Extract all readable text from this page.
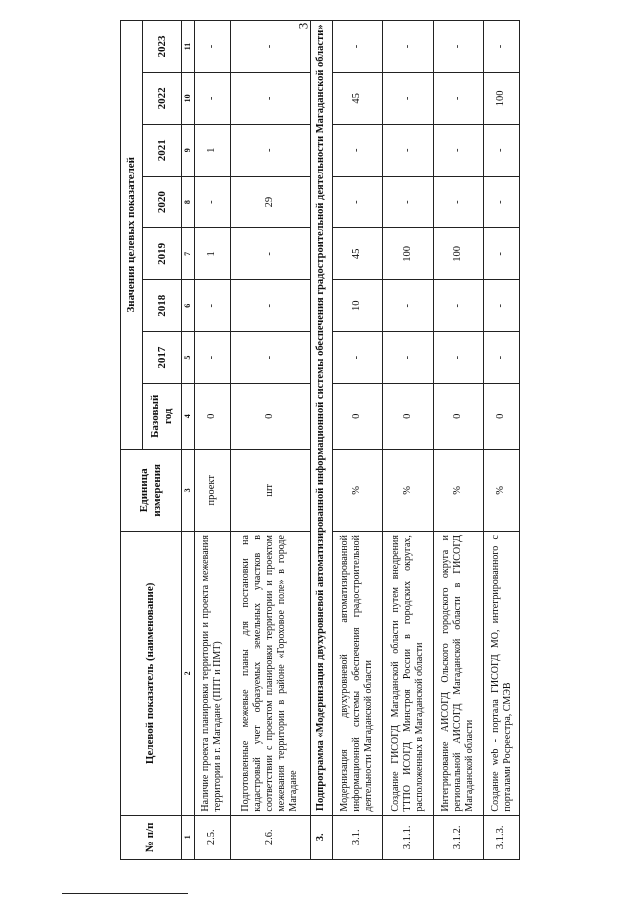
3
№ п/п	Целевой показатель (наименование)	Единица измерения	Значения целевых показателей							
			Базовый год	2017	2018	2019	2020	2021	2022	2023
1	2	3	4	5	6	7	8	9	10	11
2.5.	Наличие проекта планировки территории и проекта межевания территории в г. Магадане (ППТ и ПМТ)	проект	0	-	-	1	-	1	-	-
2.6.	Подготовленные межевые планы для постановки на кадастровый учет образуемых земельных участков в соответствии с проектом планировки территории и проектом межевания территории в районе «Гороховое поле» в городе Магадане	шт	0	-	-	-	29	-	-	-
3.	Подпрограмма «Модернизация двухуровневой автоматизированной информационной системы обеспечения градостроительной деятельности Магаданской области»									
3.1.	Модернизация двухуровневой автоматизированной информационной системы обеспечения градостроительной деятельности Магаданской области	%	0	-	10	45	-	-	45	-
3.1.1.	Создание ГИСОГД Магаданской области путем внедрения ТТПО ИСОГД Минстроя России в городских округах, расположенных в Магаданской области	%	0	-	-	100	-	-	-	-
3.1.2.	Интегрирование АИСОГД Ольского городского округа и региональной АИСОГД Магаданской области в ГИСОГД Магаданской области	%	0	-	-	100	-	-	-	-
3.1.3.	Создание web - портала ГИСОГД МО, интегрированного с порталами Росреестра, СМЭВ	%	0	-	-	-	-	-	100	-
